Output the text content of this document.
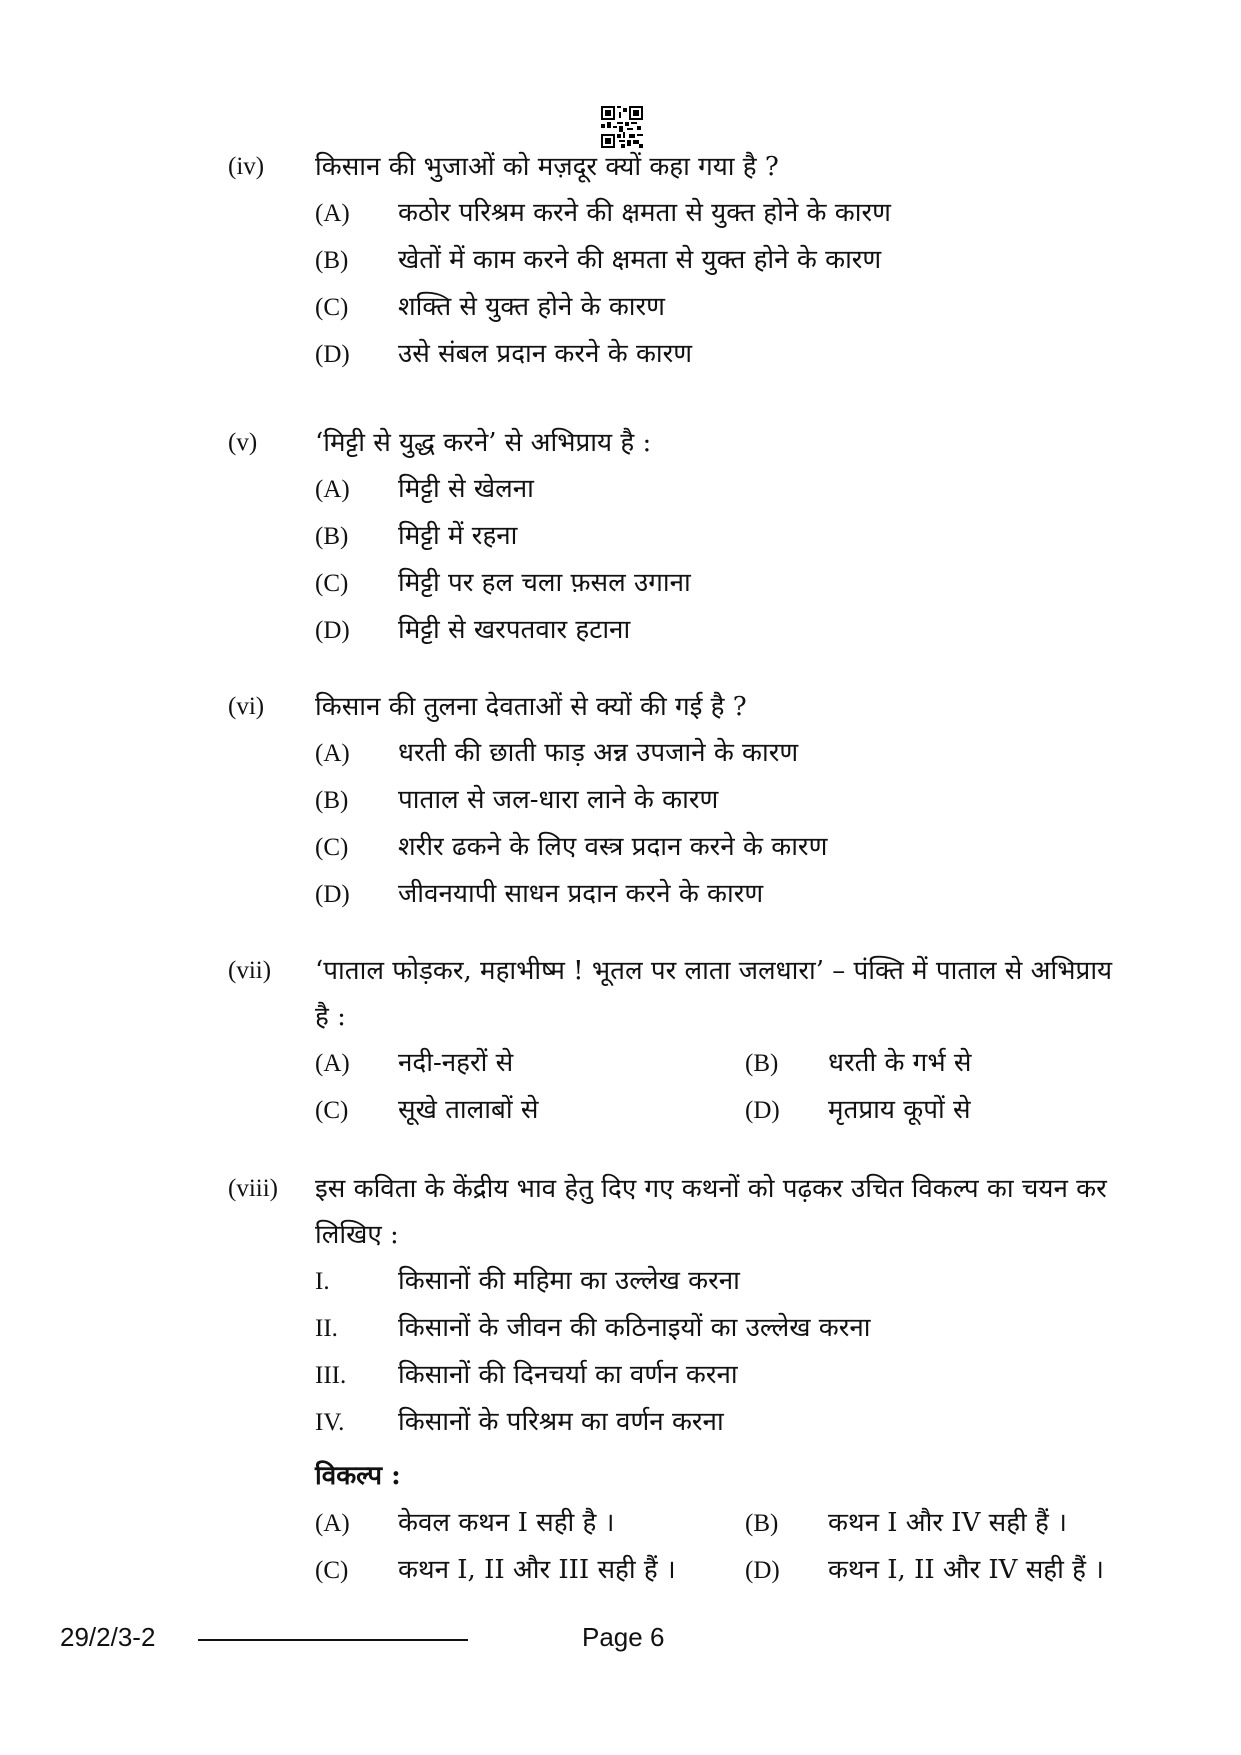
(iv)	किसान की भुजाओं को मज़दूर क्यों कहा गया है ?
(A)	कठोर परिश्रम करने की क्षमता से युक्त होने के कारण
(B)	खेतों में काम करने की क्षमता से युक्त होने के कारण
(C)	शक्ति से युक्त होने के कारण
(D)	उसे संबल प्रदान करने के कारण
(v)	‘मिट्टी से युद्ध करने’ से अभिप्राय है :
(A)	मिट्टी से खेलना
(B)	मिट्टी में रहना
(C)	मिट्टी पर हल चला फ़सल उगाना
(D)	मिट्टी से खरपतवार हटाना
(vi)	किसान की तुलना देवताओं से क्यों की गई है ?
(A)	धरती की छाती फाड़ अन्न उपजाने के कारण
(B)	पाताल से जल-धारा लाने के कारण
(C)	शरीर ढकने के लिए वस्त्र प्रदान करने के कारण
(D)	जीवनयापी साधन प्रदान करने के कारण
(vii)	‘पाताल फोड़कर, महाभीष्म ! भूतल पर लाता जलधारा’ – पंक्ति में पाताल से अभिप्राय है :
(A)	नदी-नहरों से	(B)	धरती के गर्भ से
(C)	सूखे तालाबों से	(D)	मृतप्राय कूपों से
(viii)	इस कविता के केंद्रीय भाव हेतु दिए गए कथनों को पढ़कर उचित विकल्प का चयन कर लिखिए :
I.	किसानों की महिमा का उल्लेख करना
II.	किसानों के जीवन की कठिनाइयों का उल्लेख करना
III.	किसानों की दिनचर्या का वर्णन करना
IV.	किसानों के परिश्रम का वर्णन करना
विकल्प :
(A)	केवल कथन I सही है ।	(B)	कथन I और IV सही हैं ।
(C)	कथन I, II और III सही हैं ।	(D)	कथन I, II और IV सही हैं ।
29/2/3-2	Page 6
